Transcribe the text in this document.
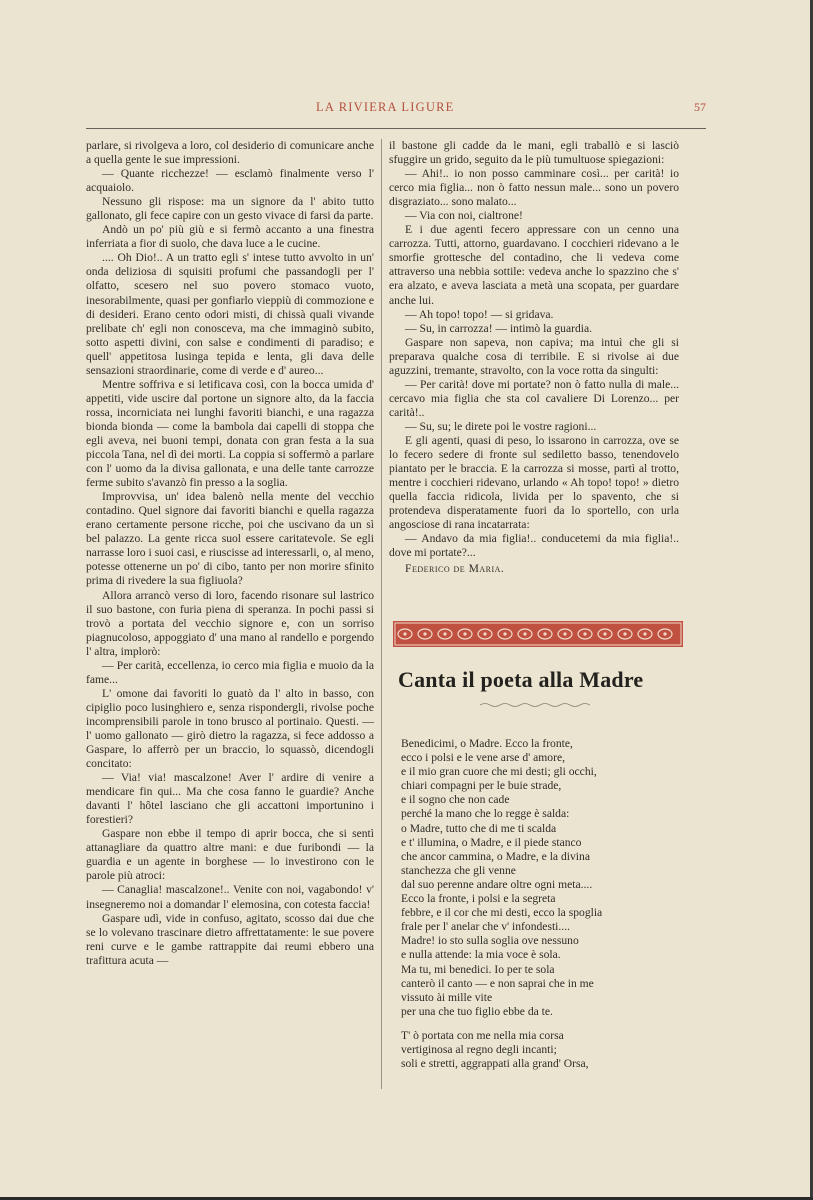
LA RIVIERA LIGURE	57

parlare, si rivolgeva a loro, col desiderio di comunicare anche a quella gente le sue impressioni.

— Quante ricchezze! — esclamò finalmente verso l' acquaiolo.

Nessuno gli rispose: ma un signore da l' abito tutto gallonato, gli fece capire con un gesto vivace di farsi da parte.

Andò un po' più giù e si fermò accanto a una finestra inferriata a fior di suolo, che dava luce a le cucine.

.... Oh Dio!.. A un tratto egli s' intese tutto avvolto in un' onda deliziosa di squisiti profumi che passandogli per l' olfatto, scesero nel suo povero stomaco vuoto, inesorabilmente, quasi per gonfiarlo vieppiù di commozione e di desideri. Erano cento odori misti, di chissà quali vivande prelibate ch' egli non conosceva, ma che immaginò subito, sotto aspetti divini, con salse e condimenti di paradiso; e quell' appetitosa lusinga tepida e lenta, gli dava delle sensazioni straordinarie, come di verde e d' aureo...

Mentre soffriva e si letificava così, con la bocca umida d' appetiti, vide uscire dal portone un signore alto, da la faccia rossa, incorniciata nei lunghi favoriti bianchi, e una ragazza bionda bionda — come la bambola dai capelli di stoppa che egli aveva, nei buoni tempi, donata con gran festa a la sua piccola Tana, nel dì dei morti. La coppia si soffermò a parlare con l' uomo da la divisa gallonata, e una delle tante carrozze ferme subito s'avanzò fin presso a la soglia.

Improvvisa, un' idea balenò nella mente del vecchio contadino. Quel signore dai favoriti bianchi e quella ragazza erano certamente persone ricche, poi che uscivano da un sì bel palazzo. La gente ricca suol essere caritatevole. Se egli narrasse loro i suoi casi, e riuscisse ad interessarli, o, al meno, potesse ottenerne un po' di cibo, tanto per non morire sfinito prima di rivedere la sua figliuola?

Allora arrancò verso di loro, facendo risonare sul lastrico il suo bastone, con furia piena di speranza. In pochi passi si trovò a portata del vecchio signore e, con un sorriso piagnucoloso, appoggiato d' una mano al randello e porgendo l' altra, implorò:

— Per carità, eccellenza, io cerco mia figlia e muoio da la fame...

L' omone dai favoriti lo guatò da l' alto in basso, con cipiglio poco lusinghiero e, senza rispondergli, rivolse poche incomprensibili parole in tono brusco al portinaio. Questi. — l' uomo gallonato — girò dietro la ragazza, si fece addosso a Gaspare, lo afferrò per un braccio, lo squassò, dicendogli concitato:

— Via! via! mascalzone! Aver l' ardire di venire a mendicare fin qui... Ma che cosa fanno le guardie? Anche davanti l' hôtel lasciano che gli accattoni importunino i forestieri?

Gaspare non ebbe il tempo di aprir bocca, che si sentì attanagliare da quattro altre mani: e due furibondi — la guardia e un agente in borghese — lo investirono con le parole più atroci:

— Canaglia! mascalzone!.. Venite con noi, vagabondo! v' insegneremo noi a domandar l' elemosina, con cotesta faccia!

Gaspare udì, vide in confuso, agitato, scosso dai due che se lo volevano trascinare dietro affrettatamente: le sue povere reni curve e le gambe rattrappite dai reumi ebbero una trafittura acuta —

il bastone gli cadde da le mani, egli traballò e si lasciò sfuggire un grido, seguito da le più tumultuose spiegazioni:

— Ahi!.. io non posso camminare così... per carità! io cerco mia figlia... non ò fatto nessun male... sono un povero disgraziato... sono malato...

— Via con noi, cialtrone!

E i due agenti fecero appressare con un cenno una carrozza. Tutti, attorno, guardavano. I cocchieri ridevano a le smorfie grottesche del contadino, che li vedeva come attraverso una nebbia sottile: vedeva anche lo spazzino che s' era alzato, e aveva lasciata a metà una scopata, per guardare anche lui.

— Ah topo! topo! — si gridava.

— Su, in carrozza! — intimò la guardia.

Gaspare non sapeva, non capiva; ma intuì che gli si preparava qualche cosa di terribile. E si rivolse ai due aguzzini, tremante, stravolto, con la voce rotta da singulti:

— Per carità! dove mi portate? non ò fatto nulla di male... cercavo mia figlia che sta col cavaliere Di Lorenzo... per carità!..

— Su, su; le direte poi le vostre ragioni...

E gli agenti, quasi di peso, lo issarono in carrozza, ove se lo fecero sedere di fronte sul sediletto basso, tenendovelo piantato per le braccia. E la carrozza si mosse, partì al trotto, mentre i cocchieri ridevano, urlando « Ah topo! topo! » dietro quella faccia ridicola, livida per lo spavento, che si protendeva disperatamente fuori da lo sportello, con urla angosciose di rana incatarrata:

— Andavo da mia figlia!.. conducetemi da mia figlia!.. dove mi portate?...

Federico de Maria.

Canta il poeta alla Madre
Benedicimi, o Madre. Ecco la fronte,
ecco i polsi e le vene arse d' amore,
e il mio gran cuore che mi desti; gli occhi,
chiari compagni per le buie strade,
e il sogno che non cade
perché la mano che lo regge è salda:
o Madre, tutto che di me ti scalda
e t' illumina, o Madre, e il piede stanco
che ancor cammina, o Madre, e la divina
stanchezza che gli venne
dal suo perenne andare oltre ogni meta....
Ecco la fronte, i polsi e la segreta
febbre, e il cor che mi desti, ecco la spoglia
frale per l' anelar che v' infondesti....
Madre! io sto sulla soglia ove nessuno
e nulla attende: la mia voce è sola.
Ma tu, mi benedici. Io per te sola
canterò il canto — e non saprai che in me
vissuto ài mille vite
per una che tuo figlio ebbe da te.
T' ò portata con me nella mia corsa
vertiginosa al regno degli incanti;
soli e stretti, aggrappati alla grand' Orsa,
